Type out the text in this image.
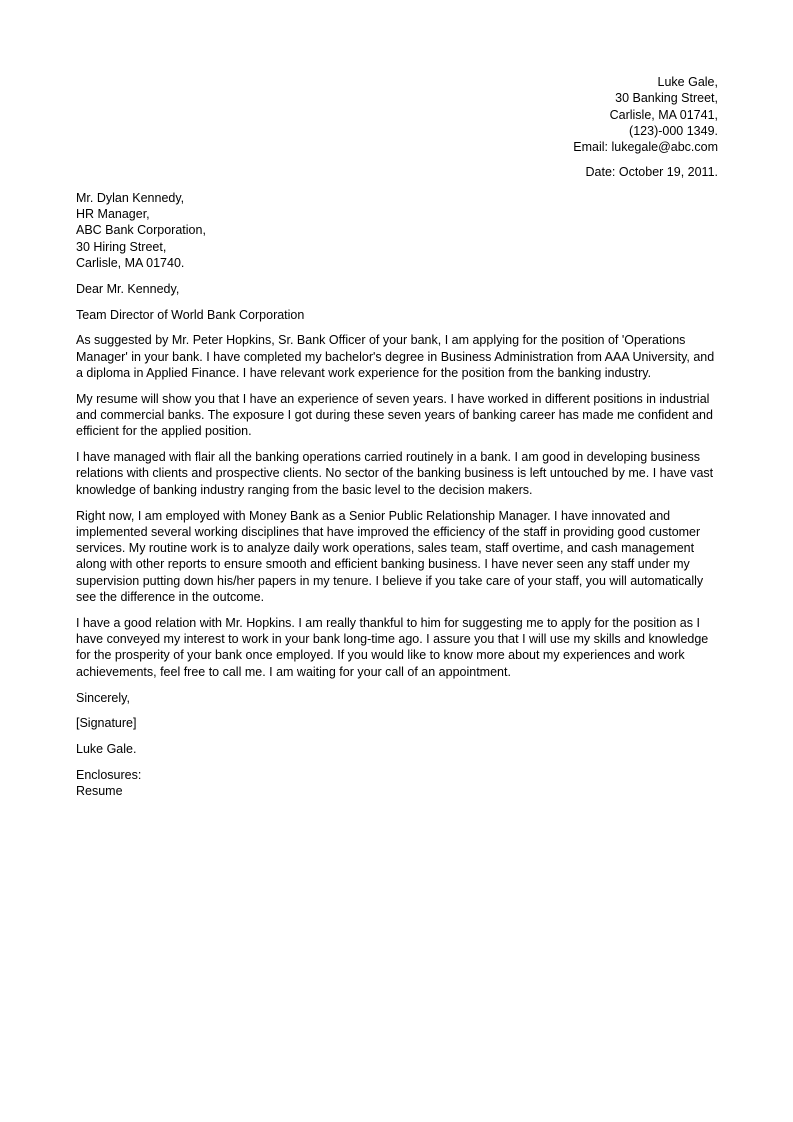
Luke Gale,
30 Banking Street,
Carlisle, MA 01741,
(123)-000 1349.
Email: lukegale@abc.com
Date: October 19, 2011.
Mr. Dylan Kennedy,
HR Manager,
ABC Bank Corporation,
30 Hiring Street,
Carlisle, MA 01740.

Dear Mr. Kennedy,

Team Director of World Bank Corporation

As suggested by Mr. Peter Hopkins, Sr. Bank Officer of your bank, I am applying for the position of 'Operations Manager' in your bank. I have completed my bachelor's degree in Business Administration from AAA University, and a diploma in Applied Finance. I have relevant work experience for the position from the banking industry.

My resume will show you that I have an experience of seven years. I have worked in different positions in industrial and commercial banks. The exposure I got during these seven years of banking career has made me confident and efficient for the applied position.

I have managed with flair all the banking operations carried routinely in a bank. I am good in developing business relations with clients and prospective clients. No sector of the banking business is left untouched by me. I have vast knowledge of banking industry ranging from the basic level to the decision makers.

Right now, I am employed with Money Bank as a Senior Public Relationship Manager. I have innovated and implemented several working disciplines that have improved the efficiency of the staff in providing good customer services. My routine work is to analyze daily work operations, sales team, staff overtime, and cash management along with other reports to ensure smooth and efficient banking business. I have never seen any staff under my supervision putting down his/her papers in my tenure. I believe if you take care of your staff, you will automatically see the difference in the outcome.

I have a good relation with Mr. Hopkins. I am really thankful to him for suggesting me to apply for the position as I have conveyed my interest to work in your bank long-time ago. I assure you that I will use my skills and knowledge for the prosperity of your bank once employed. If you would like to know more about my experiences and work achievements, feel free to call me. I am waiting for your call of an appointment.

Sincerely,

[Signature]

Luke Gale.

Enclosures:
Resume
